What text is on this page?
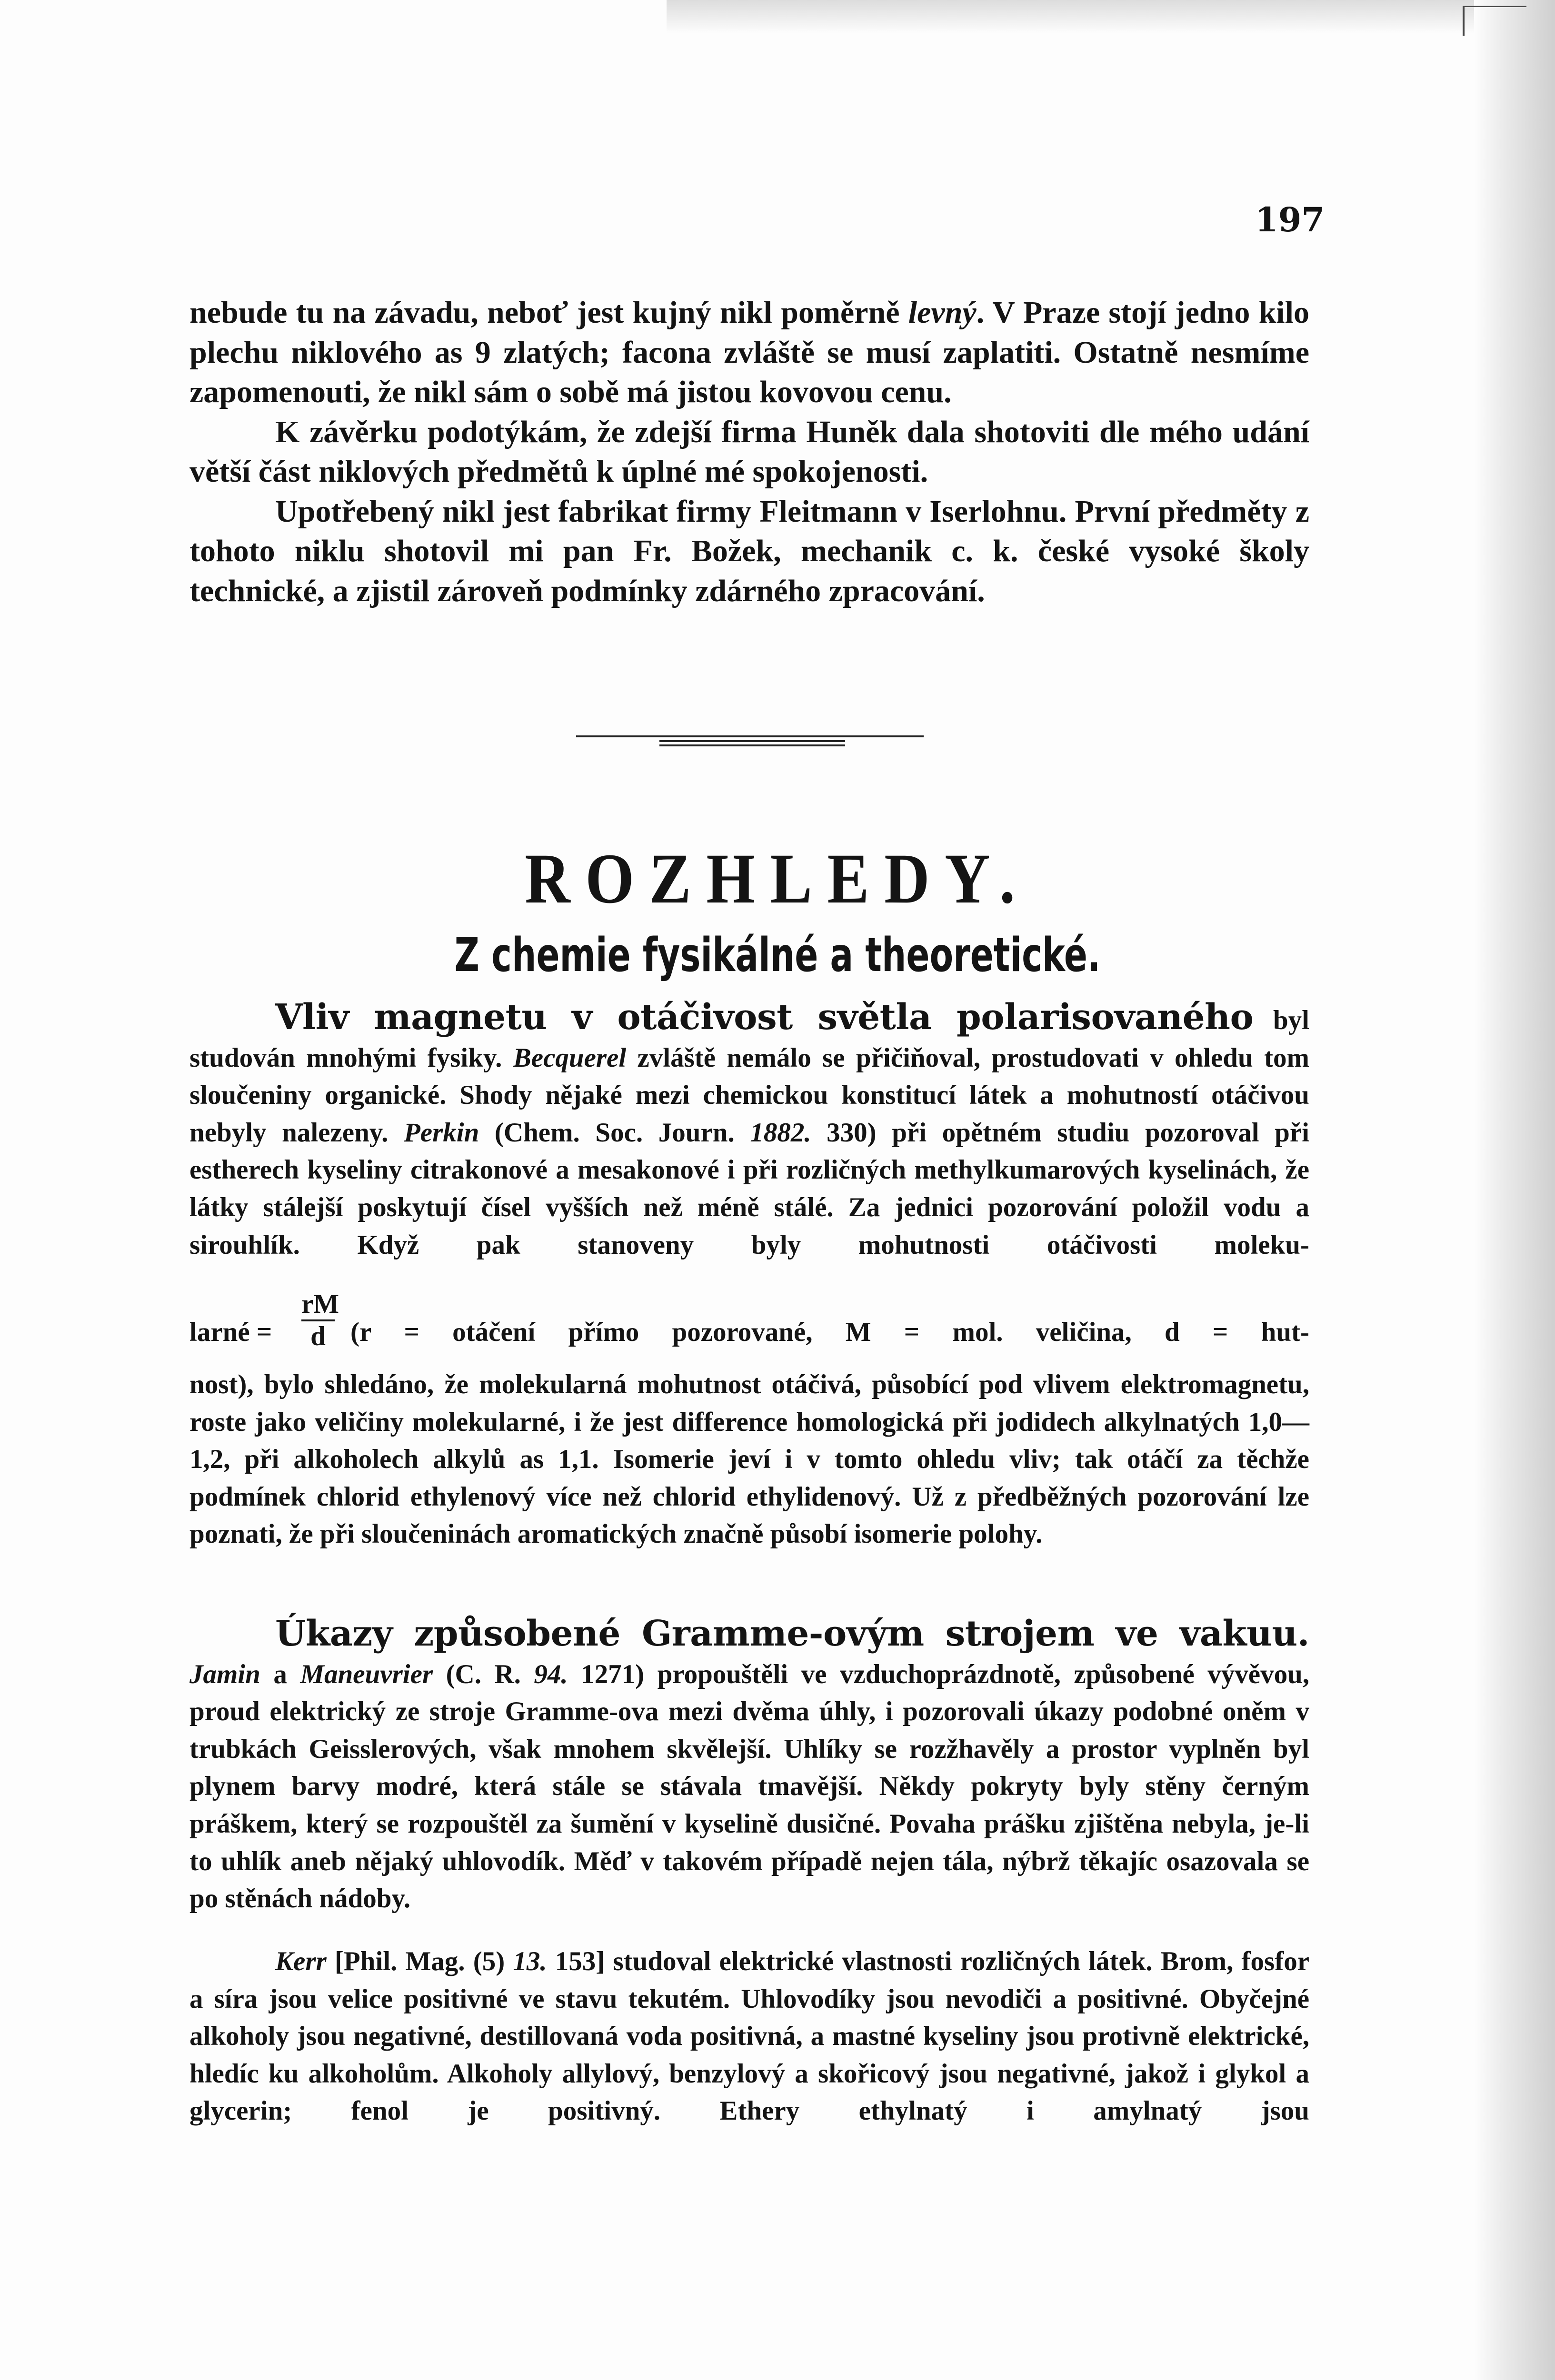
197

nebude tu na závadu, neboť jest kujný nikl poměrně levný. V Praze stojí jedno kilo plechu niklového as 9 zlatých; facona zvláště se musí zaplatiti. Ostatně nesmíme zapomenouti, že nikl sám o sobě má jistou kovovou cenu.

K závěrku podotýkám, že zdejší firma Huněk dala shotoviti dle mého udání větší část niklových předmětů k úplné mé spokojenosti.

Upotřebený nikl jest fabrikat firmy Fleitmann v Iserlohnu. První předměty z tohoto niklu shotovil mi pan Fr. Božek, mechanik c. k. české vysoké školy technické, a zjistil zároveň podmínky zdárného zpracování.

ROZHLEDY.
Z chemie fysikálné a theoretické.

Vliv magnetu v otáčivost světla polarisovaného byl studován mnohými fysiky. Becquerel zvláště nemálo se přičiňoval, prostudovati v ohledu tom sloučeniny organické. Shody nějaké mezi chemickou konstitucí látek a mohutností otáčivou nebyly nalezeny. Perkin (Chem. Soc. Journ. 1882. 330) při opětném studiu pozoroval při estherech kyseliny citrakonové a mesakonové i při rozličných methylkumarových kyselinách, že látky stálejší poskytují čísel vyšších než méně stálé. Za jednici pozorování položil vodu a sirouhlík. Když pak stanoveny byly mohutnosti otáčivosti moleku-

larné =
rM
d (r = otáčení přímo pozorované, M = mol. veličina, d = hut-

nost), bylo shledáno, že molekularná mohutnost otáčivá, působící pod vlivem elektromagnetu, roste jako veličiny molekularné, i že jest difference homologická při jodidech alkylnatých 1,0—1,2, při alkoholech alkylů as 1,1. Isomerie jeví i v tomto ohledu vliv; tak otáčí za těchže podmínek chlorid ethylenový více než chlorid ethylidenový. Už z předběžných pozorování lze poznati, že při sloučeninách aromatických značně působí isomerie polohy.

Úkazy způsobené Gramme-ovým strojem ve vakuu. Jamin a Maneuvrier (C. R. 94. 1271) propouštěli ve vzduchoprázdnotě, způsobené vývěvou, proud elektrický ze stroje Gramme-ova mezi dvěma úhly, i pozorovali úkazy podobné oněm v trubkách Geisslerových, však mnohem skvělejší. Uhlíky se rozžhavěly a prostor vyplněn byl plynem barvy modré, která stále se stávala tmavější. Někdy pokryty byly stěny černým práškem, který se rozpouštěl za šumění v kyselině dusičné. Povaha prášku zjištěna nebyla, je-li to uhlík aneb nějaký uhlovodík. Měď v takovém případě nejen tála, nýbrž těkajíc osazovala se po stěnách nádoby.

Kerr [Phil. Mag. (5) 13. 153] studoval elektrické vlastnosti rozličných látek. Brom, fosfor a síra jsou velice positivné ve stavu tekutém. Uhlovodíky jsou nevodiči a positivné. Obyčejné alkoholy jsou negativné, destillovaná voda positivná, a mastné kyseliny jsou protivně elektrické, hledíc ku alkoholům. Alkoholy allylový, benzylový a skořicový jsou negativné, jakož i glykol a glycerin; fenol je positivný. Ethery ethylnatý i amylnatý jsou
